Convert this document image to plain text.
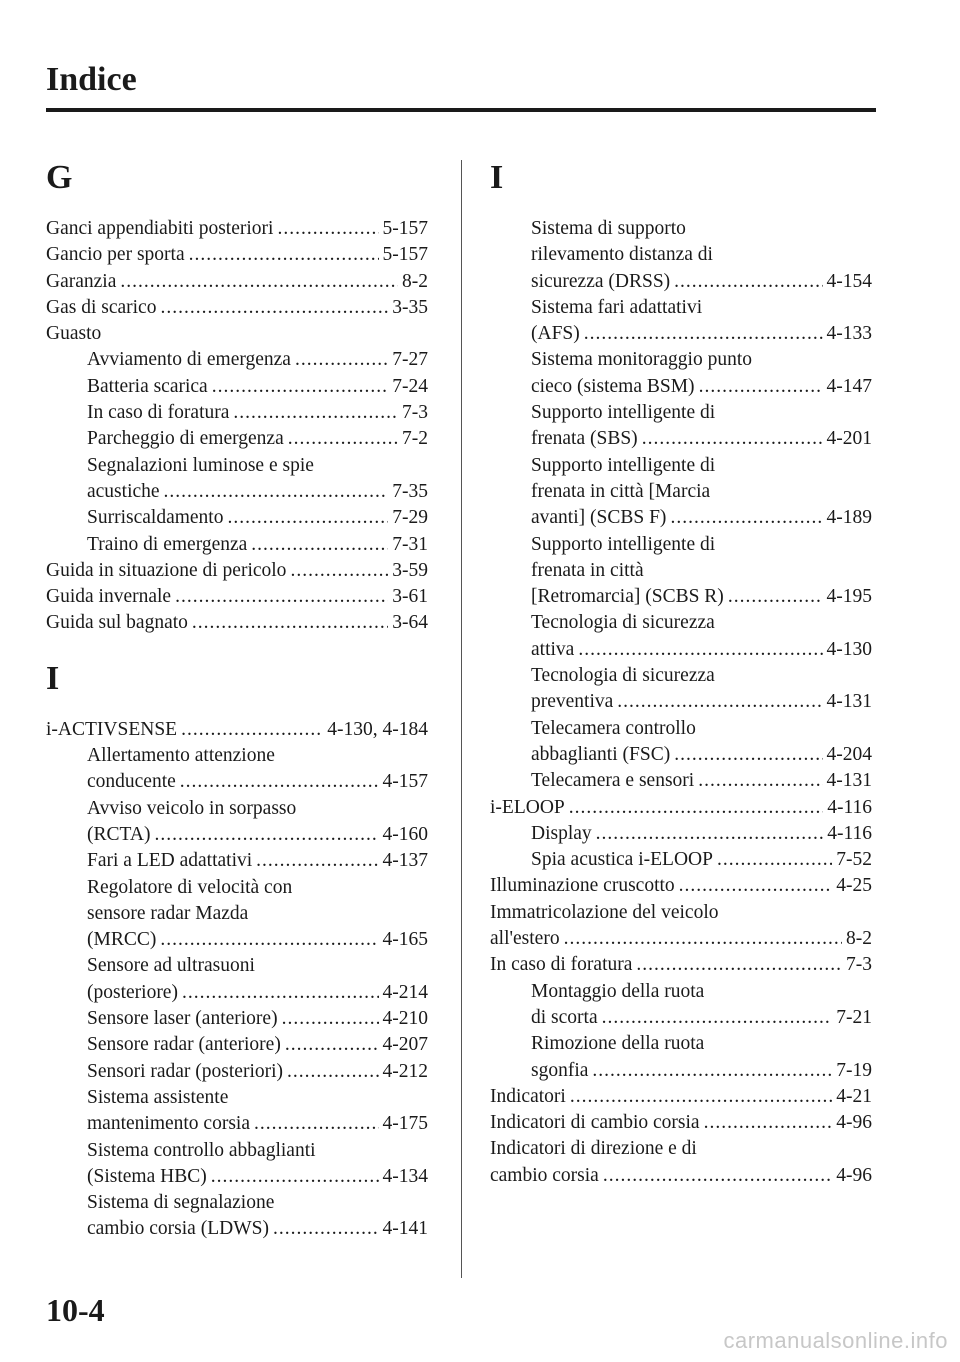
Indice
G
Ganci appendiabiti posteriori .....	5-157
Gancio per sporta .....	5-157
Garanzia .....	8-2
Gas di scarico .....	3-35
Guasto
Avviamento di emergenza .....	7-27
Batteria scarica .....	7-24
In caso di foratura .....	7-3
Parcheggio di emergenza .....	7-2
Segnalazioni luminose e spie
acustiche .....	7-35
Surriscaldamento .....	7-29
Traino di emergenza .....	7-31
Guida in situazione di pericolo .....	3-59
Guida invernale .....	3-61
Guida sul bagnato .....	3-64
I
i-ACTIVSENSE .....	4-130, 4-184
Allertamento attenzione
conducente .....	4-157
Avviso veicolo in sorpasso
(RCTA) .....	4-160
Fari a LED adattativi .....	4-137
Regolatore di velocità con
sensore radar Mazda
(MRCC) .....	4-165
Sensore ad ultrasuoni
(posteriore) .....	4-214
Sensore laser (anteriore) .....	4-210
Sensore radar (anteriore) .....	4-207
Sensori radar (posteriori) .....	4-212
Sistema assistente
mantenimento corsia .....	4-175
Sistema controllo abbaglianti
(Sistema HBC) .....	4-134
Sistema di segnalazione
cambio corsia (LDWS) .....	4-141
I
Sistema di supporto
rilevamento distanza di
sicurezza (DRSS) .....	4-154
Sistema fari adattativi
(AFS) .....	4-133
Sistema monitoraggio punto
cieco (sistema BSM) .....	4-147
Supporto intelligente di
frenata (SBS) .....	4-201
Supporto intelligente di
frenata in città [Marcia
avanti] (SCBS F) .....	4-189
Supporto intelligente di
frenata in città
[Retromarcia] (SCBS R) .....	4-195
Tecnologia di sicurezza
attiva .....	4-130
Tecnologia di sicurezza
preventiva .....	4-131
Telecamera controllo
abbaglianti (FSC) .....	4-204
Telecamera e sensori .....	4-131
i-ELOOP .....	4-116
Display .....	4-116
Spia acustica i-ELOOP .....	7-52
Illuminazione cruscotto .....	4-25
Immatricolazione del veicolo
all'estero .....	8-2
In caso di foratura .....	7-3
Montaggio della ruota
di scorta .....	7-21
Rimozione della ruota
sgonfia .....	7-19
Indicatori .....	4-21
Indicatori di cambio corsia .....	4-96
Indicatori di direzione e di
cambio corsia .....	4-96
10-4
carmanualsonline.info
